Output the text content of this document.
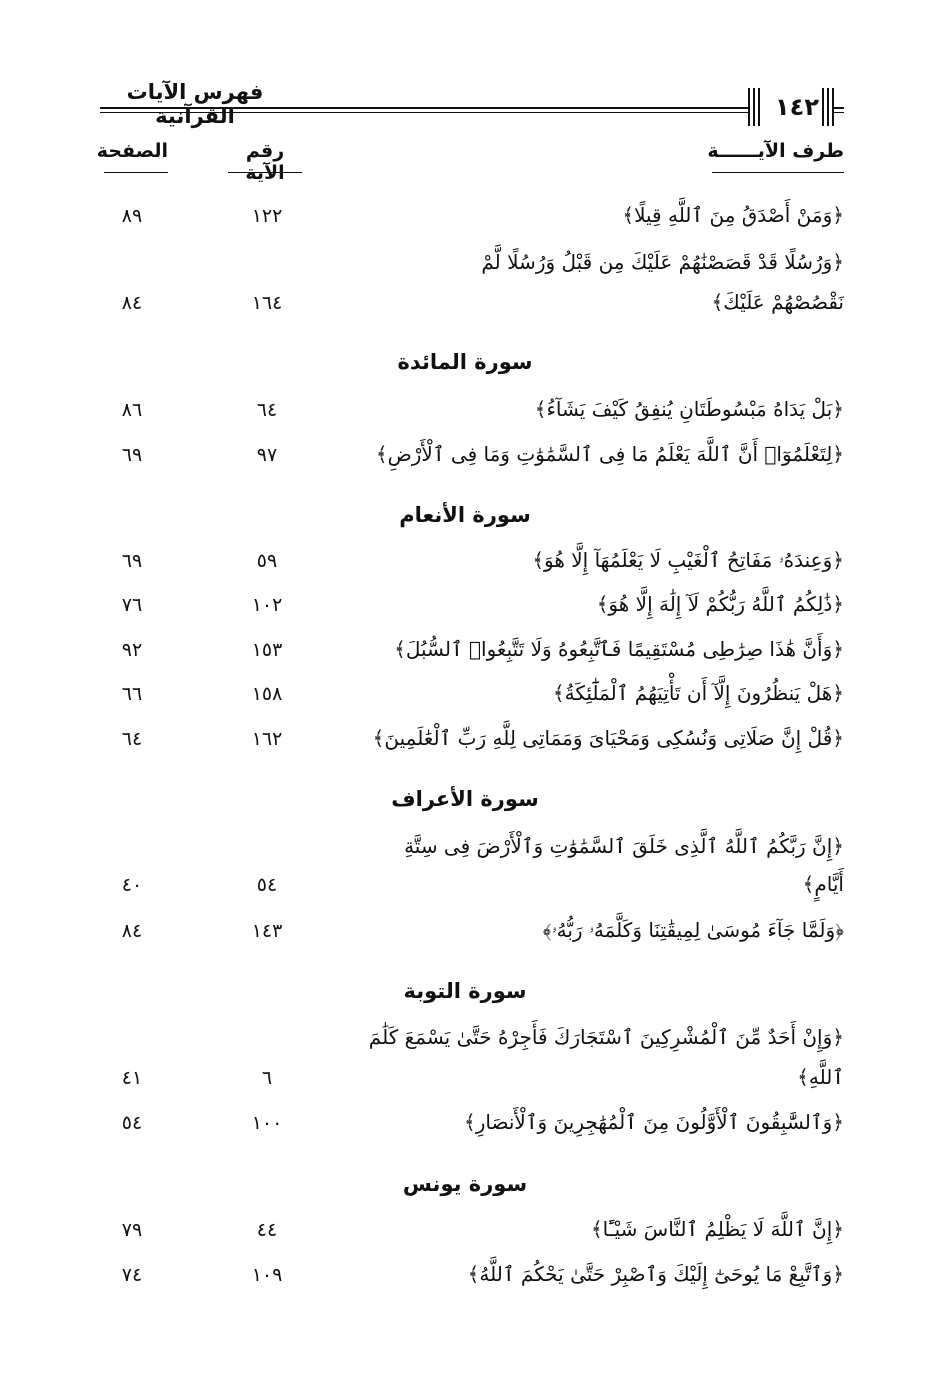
فهرس الآيات القرآنية	١٤٢
طرف الآيــــــة
رقم الآية
الصفحة
﴿وَمَنْ أَصْدَقُ مِنَ ٱللَّهِ قِيلًا﴾
١٢٢
٨٩
﴿وَرُسُلًا قَدْ قَصَصْنَٰهُمْ عَلَيْكَ مِن قَبْلُ وَرُسُلًا لَّمْ
نَقْصُصْهُمْ عَلَيْكَ﴾
١٦٤
٨٤
سورة المائدة
﴿بَلْ يَدَاهُ مَبْسُوطَتَانِ يُنفِقُ كَيْفَ يَشَآءُ﴾
٦٤
٨٦
﴿لِتَعْلَمُوٓا۟ أَنَّ ٱللَّهَ يَعْلَمُ مَا فِى ٱلسَّمَٰوَٰتِ وَمَا فِى ٱلْأَرْضِ﴾
٩٧
٦٩
سورة الأنعام
﴿وَعِندَهُۥ مَفَاتِحُ ٱلْغَيْبِ لَا يَعْلَمُهَآ إِلَّا هُوَ﴾
٥٩
٦٩
﴿ذَٰلِكُمُ ٱللَّهُ رَبُّكُمْ لَآ إِلَٰهَ إِلَّا هُوَ﴾
١٠٢
٧٦
﴿وَأَنَّ هَٰذَا صِرَٰطِى مُسْتَقِيمًا فَٱتَّبِعُوهُ وَلَا تَتَّبِعُوا۟ ٱلسُّبُلَ﴾
١٥٣
٩٢
﴿هَلْ يَنظُرُونَ إِلَّآ أَن تَأْتِيَهُمُ ٱلْمَلَٰٓئِكَةُ﴾
١٥٨
٦٦
﴿قُلْ إِنَّ صَلَاتِى وَنُسُكِى وَمَحْيَاىَ وَمَمَاتِى لِلَّهِ رَبِّ ٱلْعَٰلَمِينَ﴾
١٦٢
٦٤
سورة الأعراف
﴿إِنَّ رَبَّكُمُ ٱللَّهُ ٱلَّذِى خَلَقَ ٱلسَّمَٰوَٰتِ وَٱلْأَرْضَ فِى سِتَّةِ
أَيَّامٍ﴾
٥٤
٤٠
﴿وَلَمَّا جَآءَ مُوسَىٰ لِمِيقَٰتِنَا وَكَلَّمَهُۥ رَبُّهُۥ﴾
١٤٣
٨٤
سورة التوبة
﴿وَإِنْ أَحَدٌ مِّنَ ٱلْمُشْرِكِينَ ٱسْتَجَارَكَ فَأَجِرْهُ حَتَّىٰ يَسْمَعَ كَلَٰمَ
ٱللَّهِ﴾
٦
٤١
﴿وَٱلسَّٰبِقُونَ ٱلْأَوَّلُونَ مِنَ ٱلْمُهَٰجِرِينَ وَٱلْأَنصَارِ﴾
١٠٠
٥٤
سورة يونس
﴿إِنَّ ٱللَّهَ لَا يَظْلِمُ ٱلنَّاسَ شَيْـًٔا﴾
٤٤
٧٩
﴿وَٱتَّبِعْ مَا يُوحَىٰٓ إِلَيْكَ وَٱصْبِرْ حَتَّىٰ يَحْكُمَ ٱللَّهُ﴾
١٠٩
٧٤
